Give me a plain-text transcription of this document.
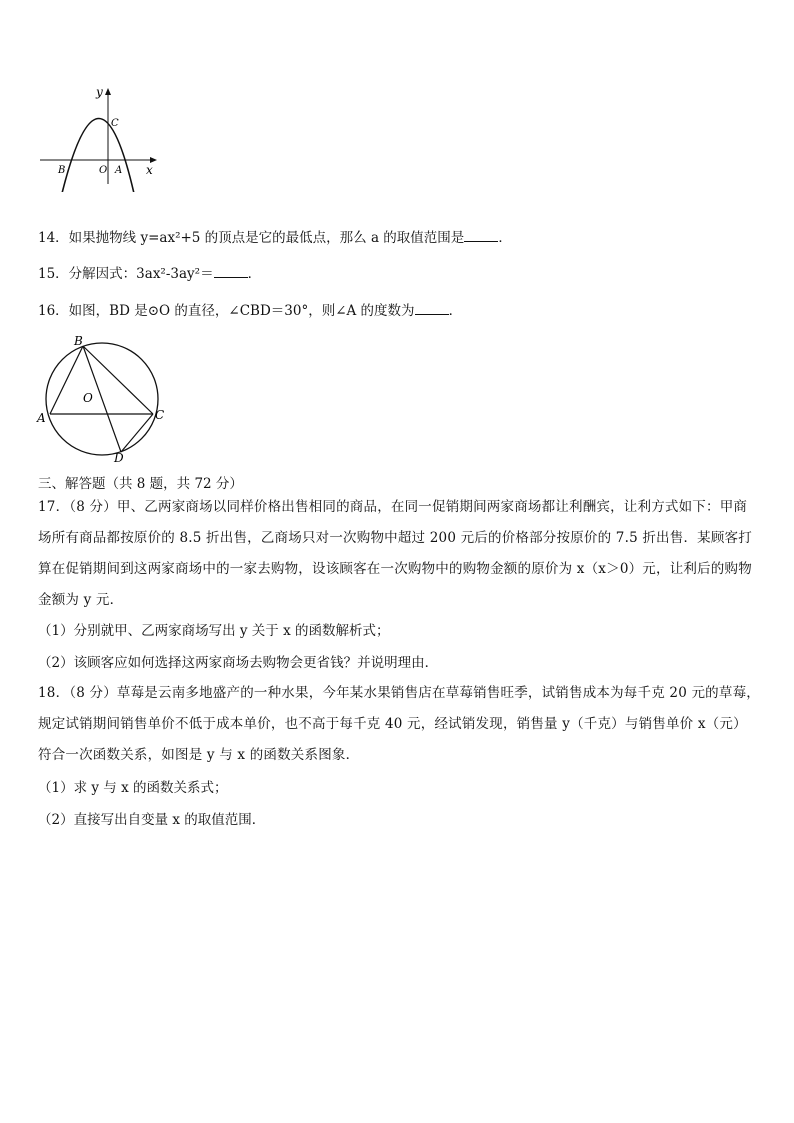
y
x
C
B	O A
14．如果抛物线 y=ax²+5 的顶点是它的最低点，那么 a 的取值范围是	．
15．分解因式：3ax²-3ay²＝	．
16．如图，BD 是⊙O 的直径，∠CBD＝30°，则∠A 的度数为	．
B
O
A	C
D
三、解答题（共 8 题，共 72 分）
17．（8 分）甲、乙两家商场以同样价格出售相同的商品，在同一促销期间两家商场都让利酬宾，让利方式如下：甲商场所有商品都按原价的 8.5 折出售，乙商场只对一次购物中超过 200 元后的价格部分按原价的 7.5 折出售．某顾客打算在促销期间到这两家商场中的一家去购物，设该顾客在一次购物中的购物金额的原价为 x（x＞0）元，让利后的购物金额为 y 元．
（1）分别就甲、乙两家商场写出 y 关于 x 的函数解析式；
（2）该顾客应如何选择这两家商场去购物会更省钱？并说明理由．
18．（8 分）草莓是云南多地盛产的一种水果，今年某水果销售店在草莓销售旺季，试销售成本为每千克 20 元的草莓，规定试销期间销售单价不低于成本单价，也不高于每千克 40 元，经试销发现，销售量 y（千克）与销售单价 x（元）符合一次函数关系，如图是 y 与 x 的函数关系图象．
（1）求 y 与 x 的函数关系式；
（2）直接写出自变量 x 的取值范围．
